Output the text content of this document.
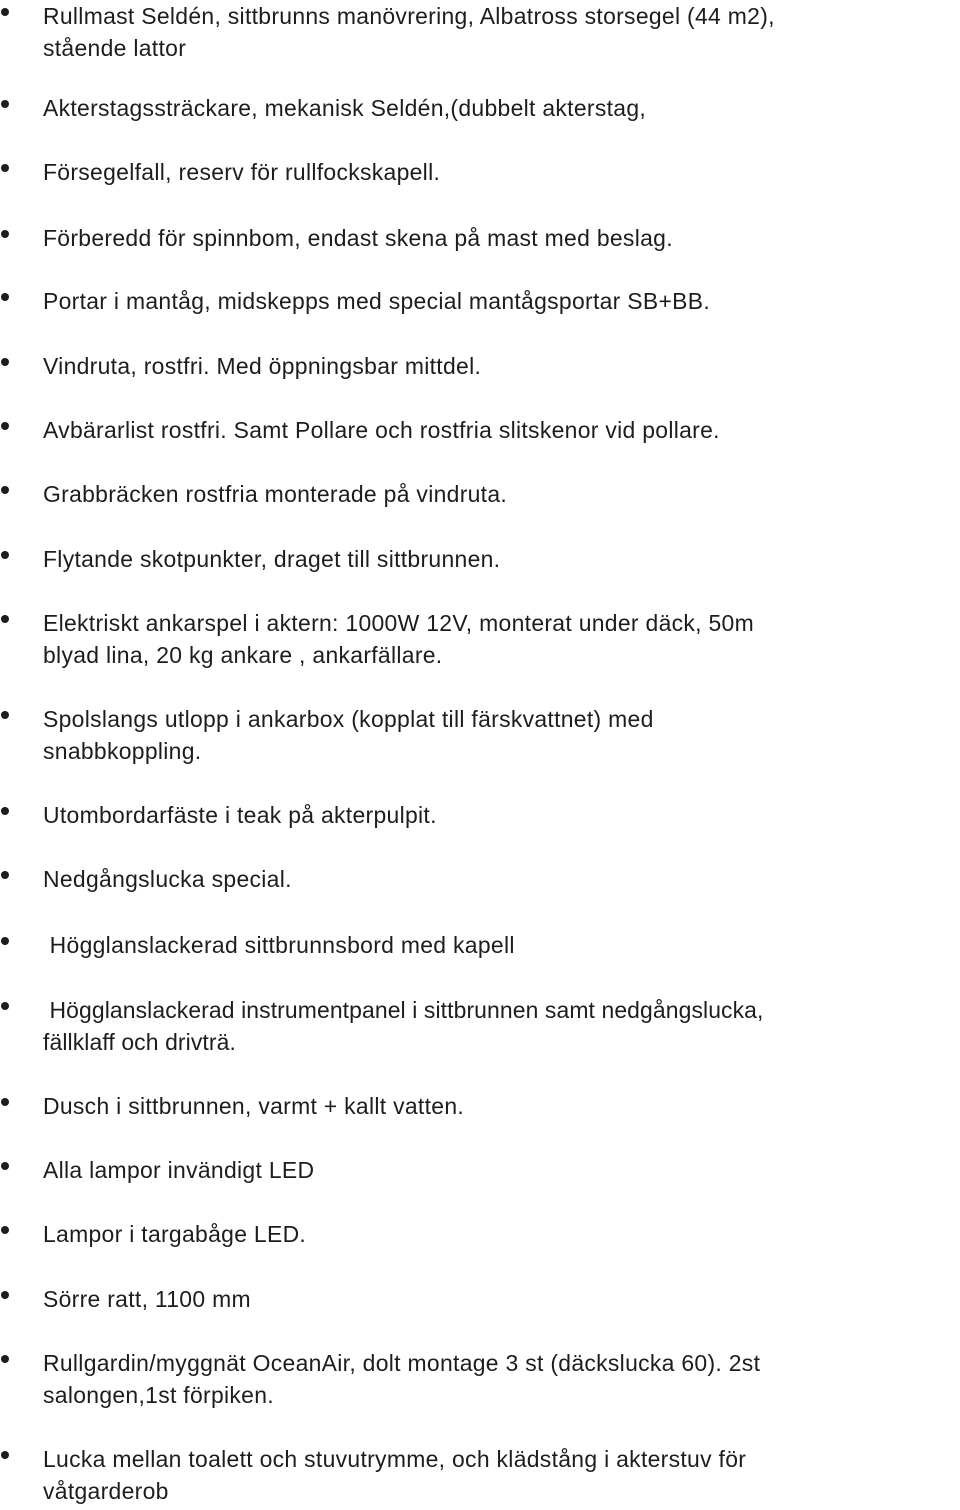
Rullmast Seldén, sittbrunns manövrering, Albatross storsegel (44 m2),
stående lattor
Akterstagssträckare, mekanisk Seldén,(dubbelt akterstag,
Försegelfall, reserv för rullfockskapell.
Förberedd för spinnbom, endast skena på mast med beslag.
Portar i mantåg, midskepps med special mantågsportar SB+BB.
Vindruta, rostfri. Med öppningsbar mittdel.
Avbärarlist rostfri. Samt Pollare och rostfria slitskenor vid pollare.
Grabbräcken rostfria monterade på vindruta.
Flytande skotpunkter, draget till sittbrunnen.
Elektriskt ankarspel i aktern: 1000W 12V, monterat under däck, 50m
blyad lina, 20 kg ankare , ankarfällare.
Spolslangs utlopp i ankarbox (kopplat till färskvattnet) med
snabbkoppling.
Utombordarfäste i teak på akterpulpit.
Nedgångslucka special.
Högglanslackerad sittbrunnsbord med kapell
Högglanslackerad instrumentpanel i sittbrunnen samt nedgångslucka,
fällklaff och drivträ.
Dusch i sittbrunnen, varmt + kallt vatten.
Alla lampor invändigt LED
Lampor i targabåge LED.
Sörre ratt, 1100 mm
Rullgardin/myggnät OceanAir, dolt montage 3 st (däckslucka 60). 2st
salongen,1st förpiken.
Lucka mellan toalett och stuvutrymme, och klädstång i akterstuv för
våtgarderob
